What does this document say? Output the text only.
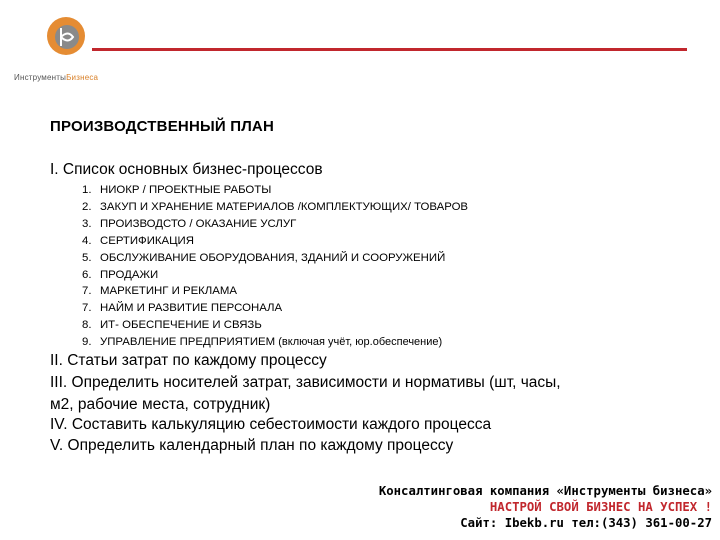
ИнструментыБизнеса
ПРОИЗВОДСТВЕННЫЙ ПЛАН
I. Список основных бизнес-процессов
1. НИОКР / ПРОЕКТНЫЕ РАБОТЫ
2. ЗАКУП И ХРАНЕНИЕ МАТЕРИАЛОВ /КОМПЛЕКТУЮЩИХ/ ТОВАРОВ
3. ПРОИЗВОДСТО / ОКАЗАНИЕ УСЛУГ
4. СЕРТИФИКАЦИЯ
5. ОБСЛУЖИВАНИЕ ОБОРУДОВАНИЯ, ЗДАНИЙ И СООРУЖЕНИЙ
6. ПРОДАЖИ
7. МАРКЕТИНГ И РЕКЛАМА
7. НАЙМ И РАЗВИТИЕ ПЕРСОНАЛА
8. ИТ- ОБЕСПЕЧЕНИЕ И СВЯЗЬ
9. УПРАВЛЕНИЕ ПРЕДПРИЯТИЕМ (включая учёт, юр.обеспечение)
II. Статьи затрат по каждому процессу
III. Определить носителей затрат, зависимости и нормативы (шт, часы,
м2, рабочие места, сотрудник)
IV. Составить калькуляцию себестоимости каждого процесса
V. Определить календарный план по каждому процессу
Консалтинговая компания «Инструменты бизнеса»
НАСТРОЙ СВОЙ БИЗНЕС НА УСПЕХ !
Сайт: Ibekb.ru тел:(343) 361-00-27
